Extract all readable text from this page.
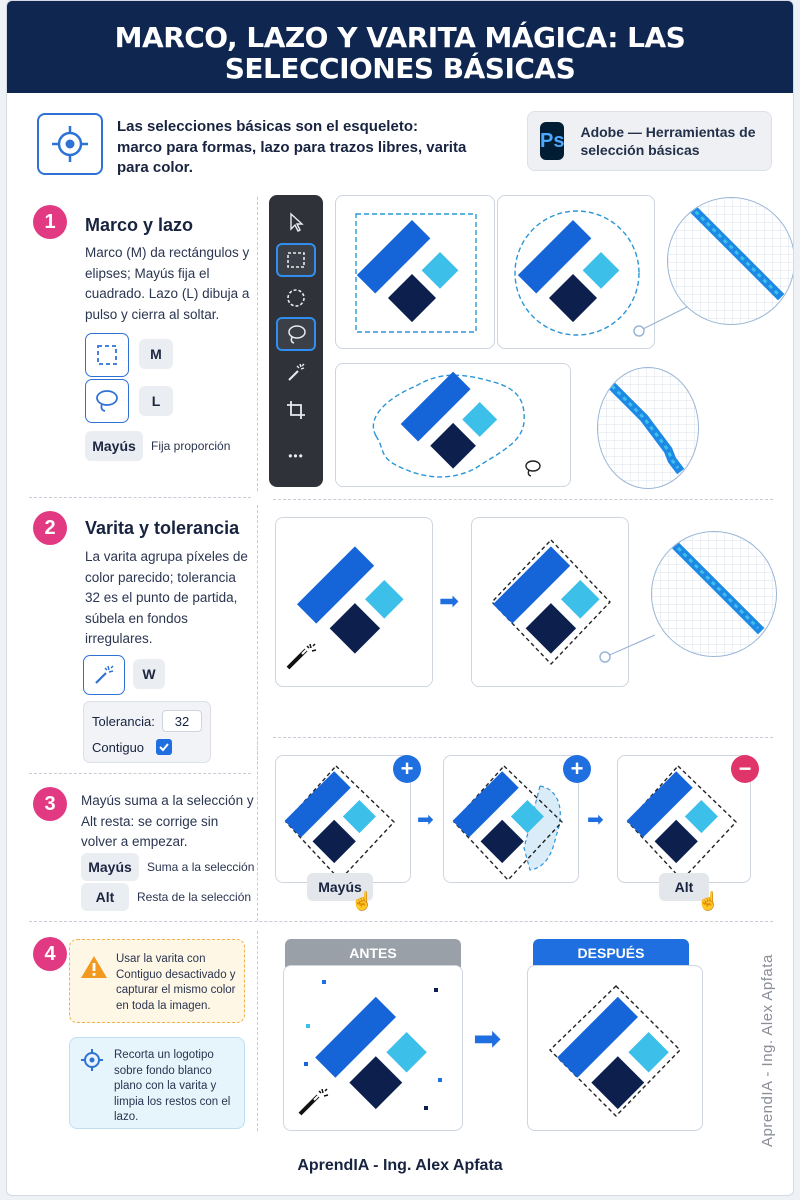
MARCO, LAZO Y VARITA MÁGICA: LAS SELECCIONES BÁSICAS
Ing. Alex Apfata
Las selecciones básicas son el esqueleto: marco para formas, lazo para trazos libres, varita para color.
Ps Adobe — Herramientas de selección básicas
1	Marco y lazo
Marco (M) da rectángulos y elipses; Mayús fija el cuadrado. Lazo (L) dibuja a pulso y cierra al soltar.
M
L
Mayús	Fija proporción
•••
2	Varita y tolerancia
La varita agrupa píxeles de color parecido; tolerancia 32 es el punto de partida, súbela en fondos irregulares.
W
Tolerancia:	32
Contiguo
➡
3	Mayús suma a la selección y Alt resta: se corrige sin volver a empezar.
Mayús	Suma a la selección
Alt	Resta de la selección
+
➡
+
➡
−
Mayús
☝
Alt
☝
4	Usar la varita con Contiguo desactivado y capturar el mismo color en toda la imagen.
Recorta un logotipo sobre fondo blanco plano con la varita y limpia los restos con el lazo.
ANTES
➡
DESPUÉS
AprendIA - Ing. Alex Apfata
AprendIA - Ing. Alex Apfata
